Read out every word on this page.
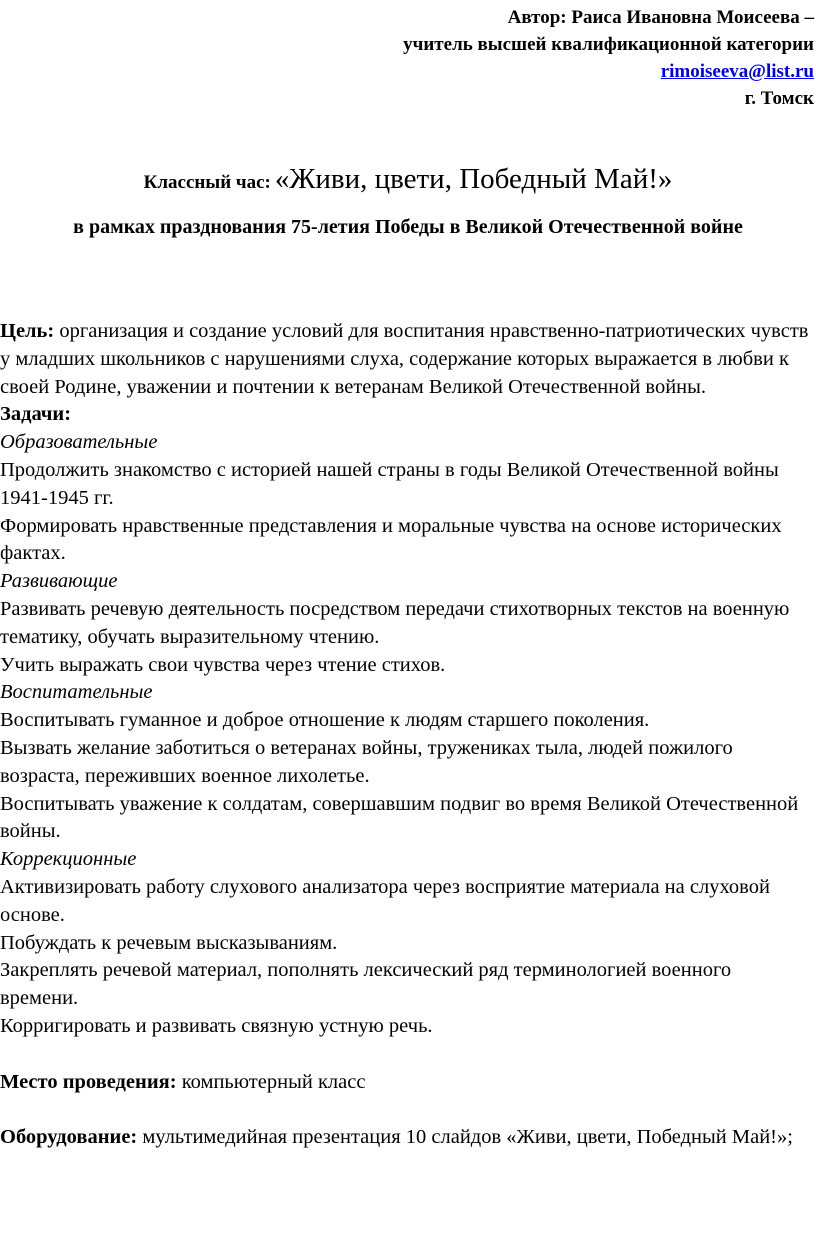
Автор: Раиса Ивановна Моисеева –
учитель высшей квалификационной категории
rimoiseeva@list.ru
г. Томск
Классный час: «Живи, цвети, Победный Май!»
в рамках празднования 75-летия Победы в Великой Отечественной войне

Цель: организация и создание условий для воспитания нравственно-патриотических чувств у младших школьников с нарушениями слуха, содержание которых выражается в любви к своей Родине, уважении и почтении к ветеранам Великой Отечественной войны.

Задачи:

Образовательные

Продолжить знакомство с историей нашей страны в годы Великой Отечественной войны 1941-1945 гг.

Формировать нравственные представления и моральные чувства на основе исторических фактах.

Развивающие

Развивать речевую деятельность посредством передачи стихотворных текстов на военную тематику, обучать выразительному чтению.

Учить выражать свои чувства через чтение стихов.

Воспитательные

Воспитывать гуманное и доброе отношение к людям старшего поколения.

Вызвать желание заботиться о ветеранах войны, тружениках тыла, людей пожилого возраста, переживших военное лихолетье.

Воспитывать уважение к солдатам, совершавшим подвиг во время Великой Отечественной войны.

Коррекционные

Активизировать работу слухового анализатора через восприятие материала на слуховой основе.

Побуждать к речевым высказываниям.

Закреплять речевой материал, пополнять лексический ряд терминологией военного времени.

Корригировать и развивать связную устную речь.

Место проведения: компьютерный класс

Оборудование: мультимедийная презентация 10 слайдов «Живи, цвети, Победный Май!»;
